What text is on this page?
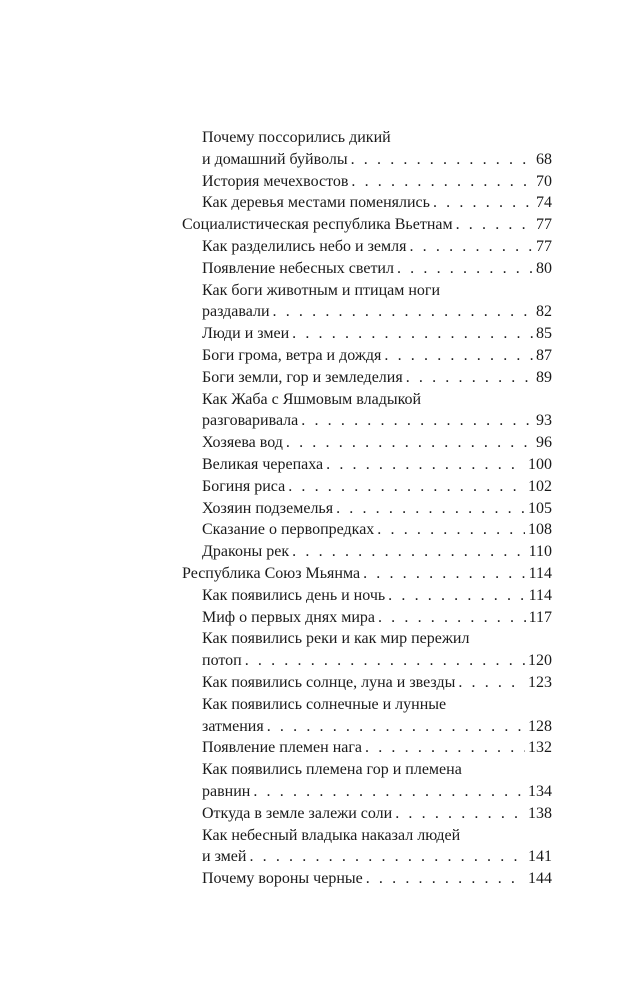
Почему поссорились дикий
и домашний буйволы . . .	68
История мечехвостов . . .	70
Как деревья местами поменялись . . .	74
Социалистическая республика Вьетнам . . .	77
Как разделились небо и земля . . .	77
Появление небесных светил . . .	80
Как боги животным и птицам ноги
раздавали . . .	82
Люди и змеи . . .	85
Боги грома, ветра и дождя . . .	87
Боги земли, гор и земледелия . . .	89
Как Жаба с Яшмовым владыкой
разговаривала . . .	93
Хозяева вод . . .	96
Великая черепаха . . .	100
Богиня риса . . .	102
Хозяин подземелья . . .	105
Сказание о первопредках . . .	108
Драконы рек . . .	110
Республика Союз Мьянма . . .	114
Как появились день и ночь . . .	114
Миф о первых днях мира . . .	117
Как появились реки и как мир пережил
потоп . . .	120
Как появились солнце, луна и звезды . . .	123
Как появились солнечные и лунные
затмения . . .	128
Появление племен нага . . .	132
Как появились племена гор и племена
равнин . . .	134
Откуда в земле залежи соли . . .	138
Как небесный владыка наказал людей
и змей . . .	141
Почему вороны черные . . .	144
